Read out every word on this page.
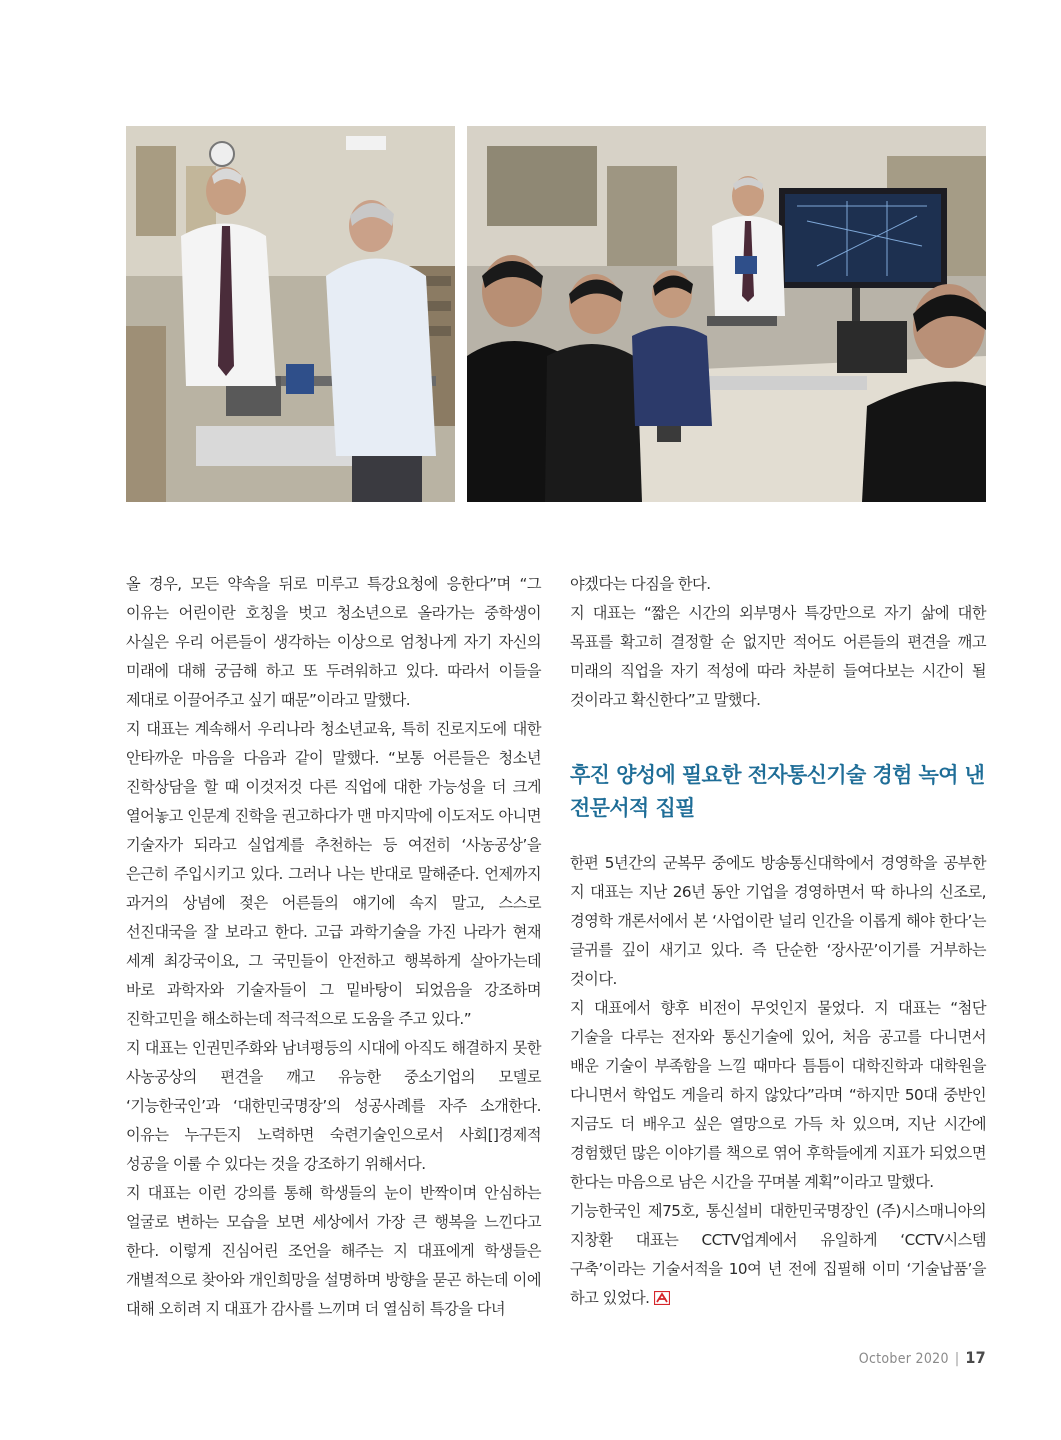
올 경우, 모든 약속을 뒤로 미루고 특강요청에 응한다”며 “그 이유는 어린이란 호칭을 벗고 청소년으로 올라가는 중학생이 사실은 우리 어른들이 생각하는 이상으로 엄청나게 자기 자신의 미래에 대해 궁금해 하고 또 두려워하고 있다. 따라서 이들을 제대로 이끌어주고 싶기 때문”이라고 말했다.

지 대표는 계속해서 우리나라 청소년교육, 특히 진로지도에 대한 안타까운 마음을 다음과 같이 말했다. “보통 어른들은 청소년 진학상담을 할 때 이것저것 다른 직업에 대한 가능성을 더 크게 열어놓고 인문계 진학을 권고하다가 맨 마지막에 이도저도 아니면 기술자가 되라고 실업계를 추천하는 등 여전히 ‘사농공상’을 은근히 주입시키고 있다. 그러나 나는 반대로 말해준다. 언제까지 과거의 상념에 젖은 어른들의 얘기에 속지 말고, 스스로 선진대국을 잘 보라고 한다. 고급 과학기술을 가진 나라가 현재 세계 최강국이요, 그 국민들이 안전하고 행복하게 살아가는데 바로 과학자와 기술자들이 그 밑바탕이 되었음을 강조하며 진학고민을 해소하는데 적극적으로 도움을 주고 있다.”

지 대표는 인권민주화와 남녀평등의 시대에 아직도 해결하지 못한 사농공상의 편견을 깨고 유능한 중소기업의 모델로 ‘기능한국인’과 ‘대한민국명장’의 성공사례를 자주 소개한다. 이유는 누구든지 노력하면 숙련기술인으로서 사회[]경제적 성공을 이룰 수 있다는 것을 강조하기 위해서다.

지 대표는 이런 강의를 통해 학생들의 눈이 반짝이며 안심하는 얼굴로 변하는 모습을 보면 세상에서 가장 큰 행복을 느낀다고 한다. 이렇게 진심어린 조언을 해주는 지 대표에게 학생들은 개별적으로 찾아와 개인희망을 설명하며 방향을 묻곤 하는데 이에 대해 오히려 지 대표가 감사를 느끼며 더 열심히 특강을 다녀

야겠다는 다짐을 한다.

지 대표는 “짧은 시간의 외부명사 특강만으로 자기 삶에 대한 목표를 확고히 결정할 순 없지만 적어도 어른들의 편견을 깨고 미래의 직업을 자기 적성에 따라 차분히 들여다보는 시간이 될 것이라고 확신한다”고 말했다.

후진 양성에 필요한 전자통신기술 경험 녹여 낸 전문서적 집필

한편 5년간의 군복무 중에도 방송통신대학에서 경영학을 공부한 지 대표는 지난 26년 동안 기업을 경영하면서 딱 하나의 신조로, 경영학 개론서에서 본 ‘사업이란 널리 인간을 이롭게 해야 한다’는 글귀를 깊이 새기고 있다. 즉 단순한 ‘장사꾼’이기를 거부하는 것이다.

지 대표에서 향후 비전이 무엇인지 물었다. 지 대표는 “첨단 기술을 다루는 전자와 통신기술에 있어, 처음 공고를 다니면서 배운 기술이 부족함을 느낄 때마다 틈틈이 대학진학과 대학원을 다니면서 학업도 게을리 하지 않았다”라며 “하지만 50대 중반인 지금도 더 배우고 싶은 열망으로 가득 차 있으며, 지난 시간에 경험했던 많은 이야기를 책으로 엮어 후학들에게 지표가 되었으면 한다는 마음으로 남은 시간을 꾸며볼 계획”이라고 말했다.

기능한국인 제75호, 통신설비 대한민국명장인 (주)시스매니아의 지창환 대표는 CCTV업계에서 유일하게 ‘CCTV시스템 구축’이라는 기술서적을 10여 년 전에 집필해 이미 ‘기술납품’을 하고 있었다.

October 2020 | 17
